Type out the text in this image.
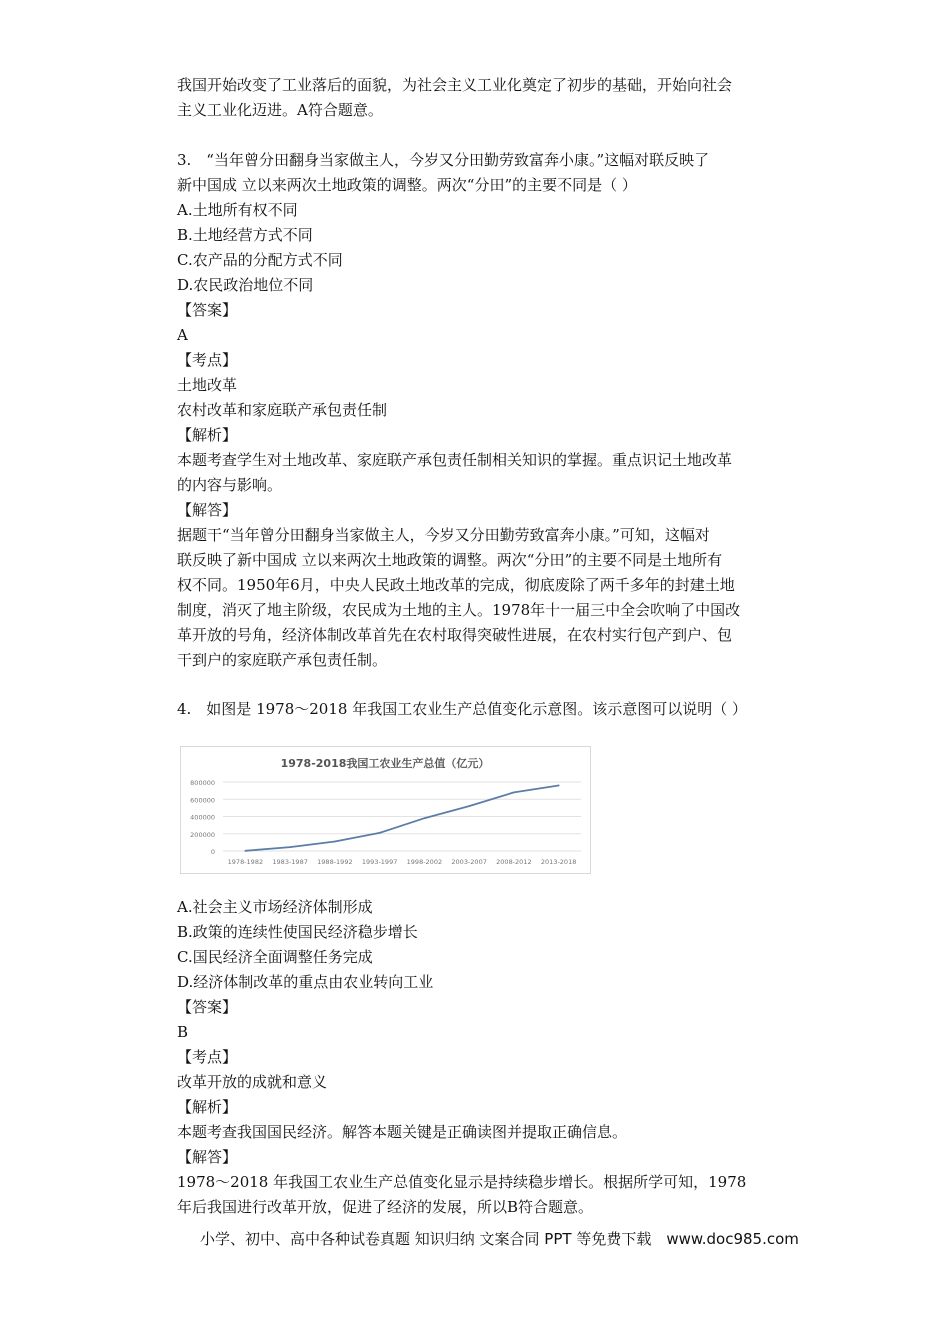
我国开始改变了工业落后的面貌，为社会主义工业化奠定了初步的基础，开始向社会
主义工业化迈进。A符合题意。
3.　“当年曾分田翻身当家做主人，今岁又分田勤劳致富奔小康。”这幅对联反映了
新中国成 立以来两次土地政策的调整。两次“分田”的主要不同是（ ）
A.土地所有权不同
B.土地经营方式不同
C.农产品的分配方式不同
D.农民政治地位不同
【答案】
A
【考点】
土地改革
农村改革和家庭联产承包责任制
【解析】
本题考查学生对土地改革、家庭联产承包责任制相关知识的掌握。重点识记土地改革
的内容与影响。
【解答】
据题干“当年曾分田翻身当家做主人，今岁又分田勤劳致富奔小康。”可知，这幅对
联反映了新中国成 立以来两次土地政策的调整。两次“分田”的主要不同是土地所有
权不同。1950年6月，中央人民政土地改革的完成，彻底废除了两千多年的封建土地
制度，消灭了地主阶级，农民成为土地的主人。1978年十一届三中全会吹响了中国改
革开放的号角，经济体制改革首先在农村取得突破性进展，在农村实行包产到户、包
干到户的家庭联产承包责任制。
4.　如图是 1978～2018 年我国工农业生产总值变化示意图。该示意图可以说明（ ）
1978-2018我国工农业生产总值（亿元）
800000
600000
400000
200000
0
1978-1982 1983-1987 1988-1992 1993-1997 1998-2002 2003-2007 2008-2012 2013-2018
A.社会主义市场经济体制形成
B.政策的连续性使国民经济稳步增长
C.国民经济全面调整任务完成
D.经济体制改革的重点由农业转向工业
【答案】
B
【考点】
改革开放的成就和意义
【解析】
本题考查我国国民经济。解答本题关键是正确读图并提取正确信息。
【解答】
1978～2018 年我国工农业生产总值变化显示是持续稳步增长。根据所学可知，1978
年后我国进行改革开放，促进了经济的发展，所以B符合题意。
小学、初中、高中各种试卷真题 知识归纳 文案合同 PPT 等免费下载　www.doc985.com
